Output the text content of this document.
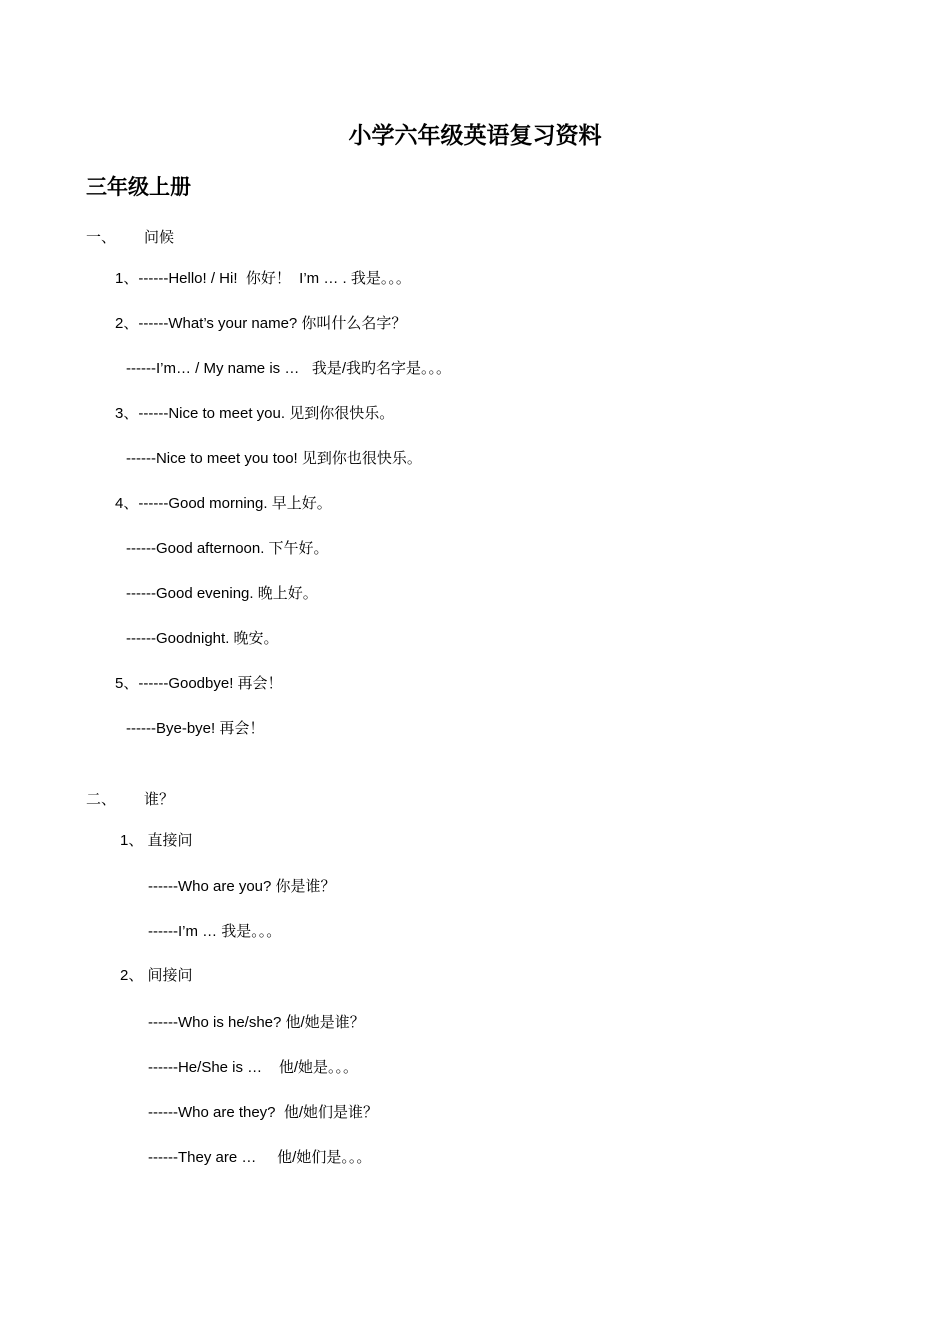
小学六年级英语复习资料
三年级上册
一、 问候
1、------Hello! / Hi!  你好！  I’m … . 我是。。。
2、------What’s your name? 你叫什么名字？
------I’m… / My name is …   我是/我旳名字是。。。
3、------Nice to meet you. 见到你很快乐。
------Nice to meet you too! 见到你也很快乐。
4、------Good morning. 早上好。
------Good afternoon. 下午好。
------Good evening. 晚上好。
------Goodnight. 晚安。
5、------Goodbye! 再会！
------Bye-bye! 再会！
二、 谁？
1、 直接问
------Who are you? 你是谁？
------I’m … 我是。。。
2、 间接问
------Who is he/she? 他/她是谁？
------He/She is …    他/她是。。。
------Who are they?  他/她们是谁？
------They are …     他/她们是。。。
